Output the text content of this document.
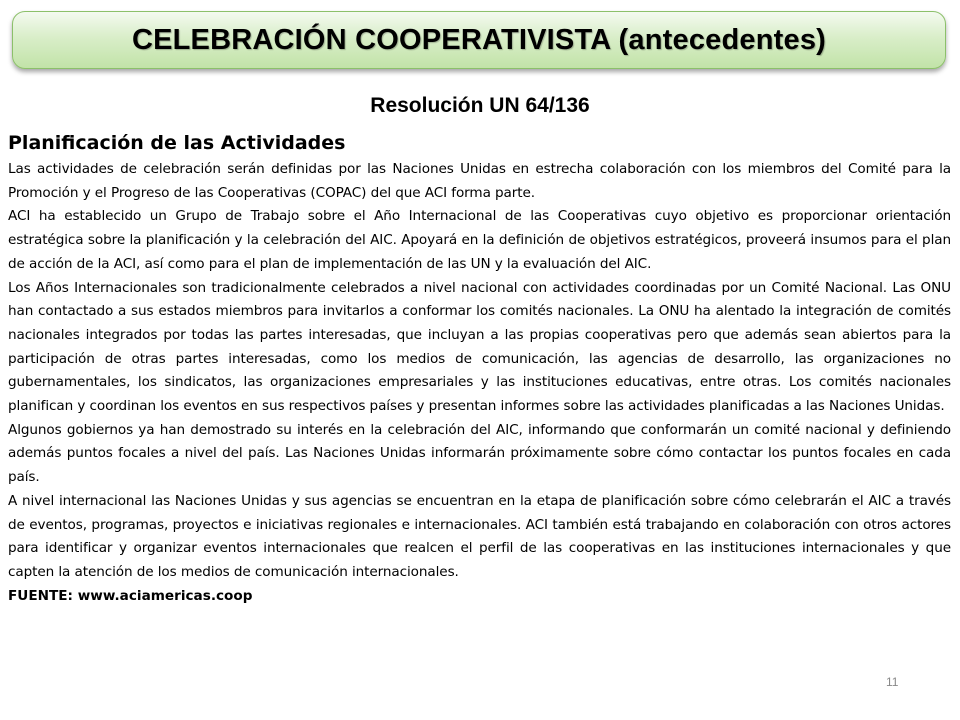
CELEBRACIÓN COOPERATIVISTA (antecedentes)
Resolución UN 64/136
Planificación de las Actividades

Las actividades de celebración serán definidas por las Naciones Unidas en estrecha colaboración con los miembros del Comité para la Promoción y el Progreso de las Cooperativas (COPAC) del que ACI forma parte.

ACI ha establecido un Grupo de Trabajo sobre el Año Internacional de las Cooperativas cuyo objetivo es proporcionar orientación estratégica sobre la planificación y la celebración del AIC. Apoyará en la definición de objetivos estratégicos, proveerá insumos para el plan de acción de la ACI, así como para el plan de implementación de las UN y la evaluación del AIC.

Los Años Internacionales son tradicionalmente celebrados a nivel nacional con actividades coordinadas por un Comité Nacional. Las ONU han contactado a sus estados miembros para invitarlos a conformar los comités nacionales. La ONU ha alentado la integración de comités nacionales integrados por todas las partes interesadas, que incluyan a las propias cooperativas pero que además sean abiertos para la participación de otras partes interesadas, como los medios de comunicación, las agencias de desarrollo, las organizaciones no gubernamentales, los sindicatos, las organizaciones empresariales y las instituciones educativas, entre otras. Los comités nacionales planifican y coordinan los eventos en sus respectivos países y presentan informes sobre las actividades planificadas a las Naciones Unidas.

Algunos gobiernos ya han demostrado su interés en la celebración del AIC, informando que conformarán un comité nacional y definiendo además puntos focales a nivel del país. Las Naciones Unidas informarán próximamente sobre cómo contactar los puntos focales en cada país.

A nivel internacional las Naciones Unidas y sus agencias se encuentran en la etapa de planificación sobre cómo celebrarán el AIC a través de eventos, programas, proyectos e iniciativas regionales e internacionales. ACI también está trabajando en colaboración con otros actores para identificar y organizar eventos internacionales que realcen el perfil de las cooperativas en las instituciones internacionales y que capten la atención de los medios de comunicación internacionales.

FUENTE: www.aciamericas.coop

11
